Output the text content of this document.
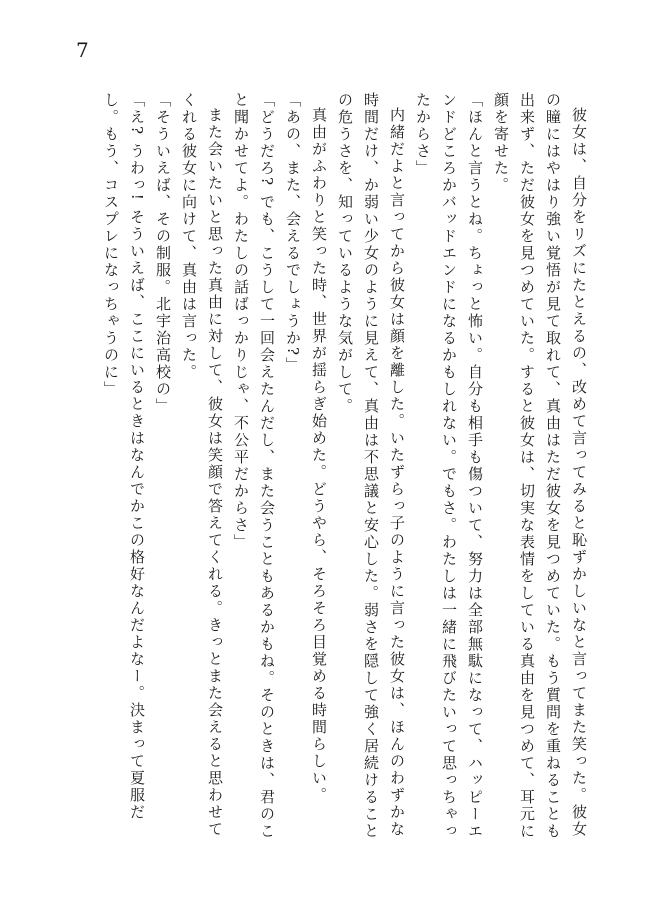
7

彼女は、自分をリズにたとえるの、改めて言ってみると恥ずかしいなと言ってまた笑った。彼女の瞳にはやはり強い覚悟が見て取れて、真由はただ彼女を見つめていた。もう質問を重ねることも出来ず、ただ彼女を見つめていた。すると彼女は、切実な表情をしている真由を見つめて、耳元に顔を寄せた。

「ほんと言うとね。ちょっと怖い。自分も相手も傷ついて、努力は全部無駄になって、ハッピーエンドどころかバッドエンドになるかもしれない。でもさ。わたしは一緒に飛びたいって思っちゃったからさ」

内緒だよと言ってから彼女は顔を離した。いたずらっ子のように言った彼女は、ほんのわずかな時間だけ、か弱い少女のように見えて、真由は不思議と安心した。弱さを隠して強く居続けることの危うさを、知っているような気がして。

真由がふわりと笑った時、世界が揺らぎ始めた。どうやら、そろそろ目覚める時間らしい。

「あの、また、会えるでしょうか?」

「どうだろ? でも、こうして一回会えたんだし、また会うこともあるかもね。そのときは、君のこと聞かせてよ。わたしの話ばっかりじゃ、不公平だからさ」

また会いたいと思った真由に対して、彼女は笑顔で答えてくれる。きっとまた会えると思わせてくれる彼女に向けて、真由は言った。

「そういえば、その制服。北宇治高校の」

「え? うわっ! そういえば、ここにいるときはなんでかこの格好なんだよなー。決まって夏服だし。もう、コスプレになっちゃうのに」
